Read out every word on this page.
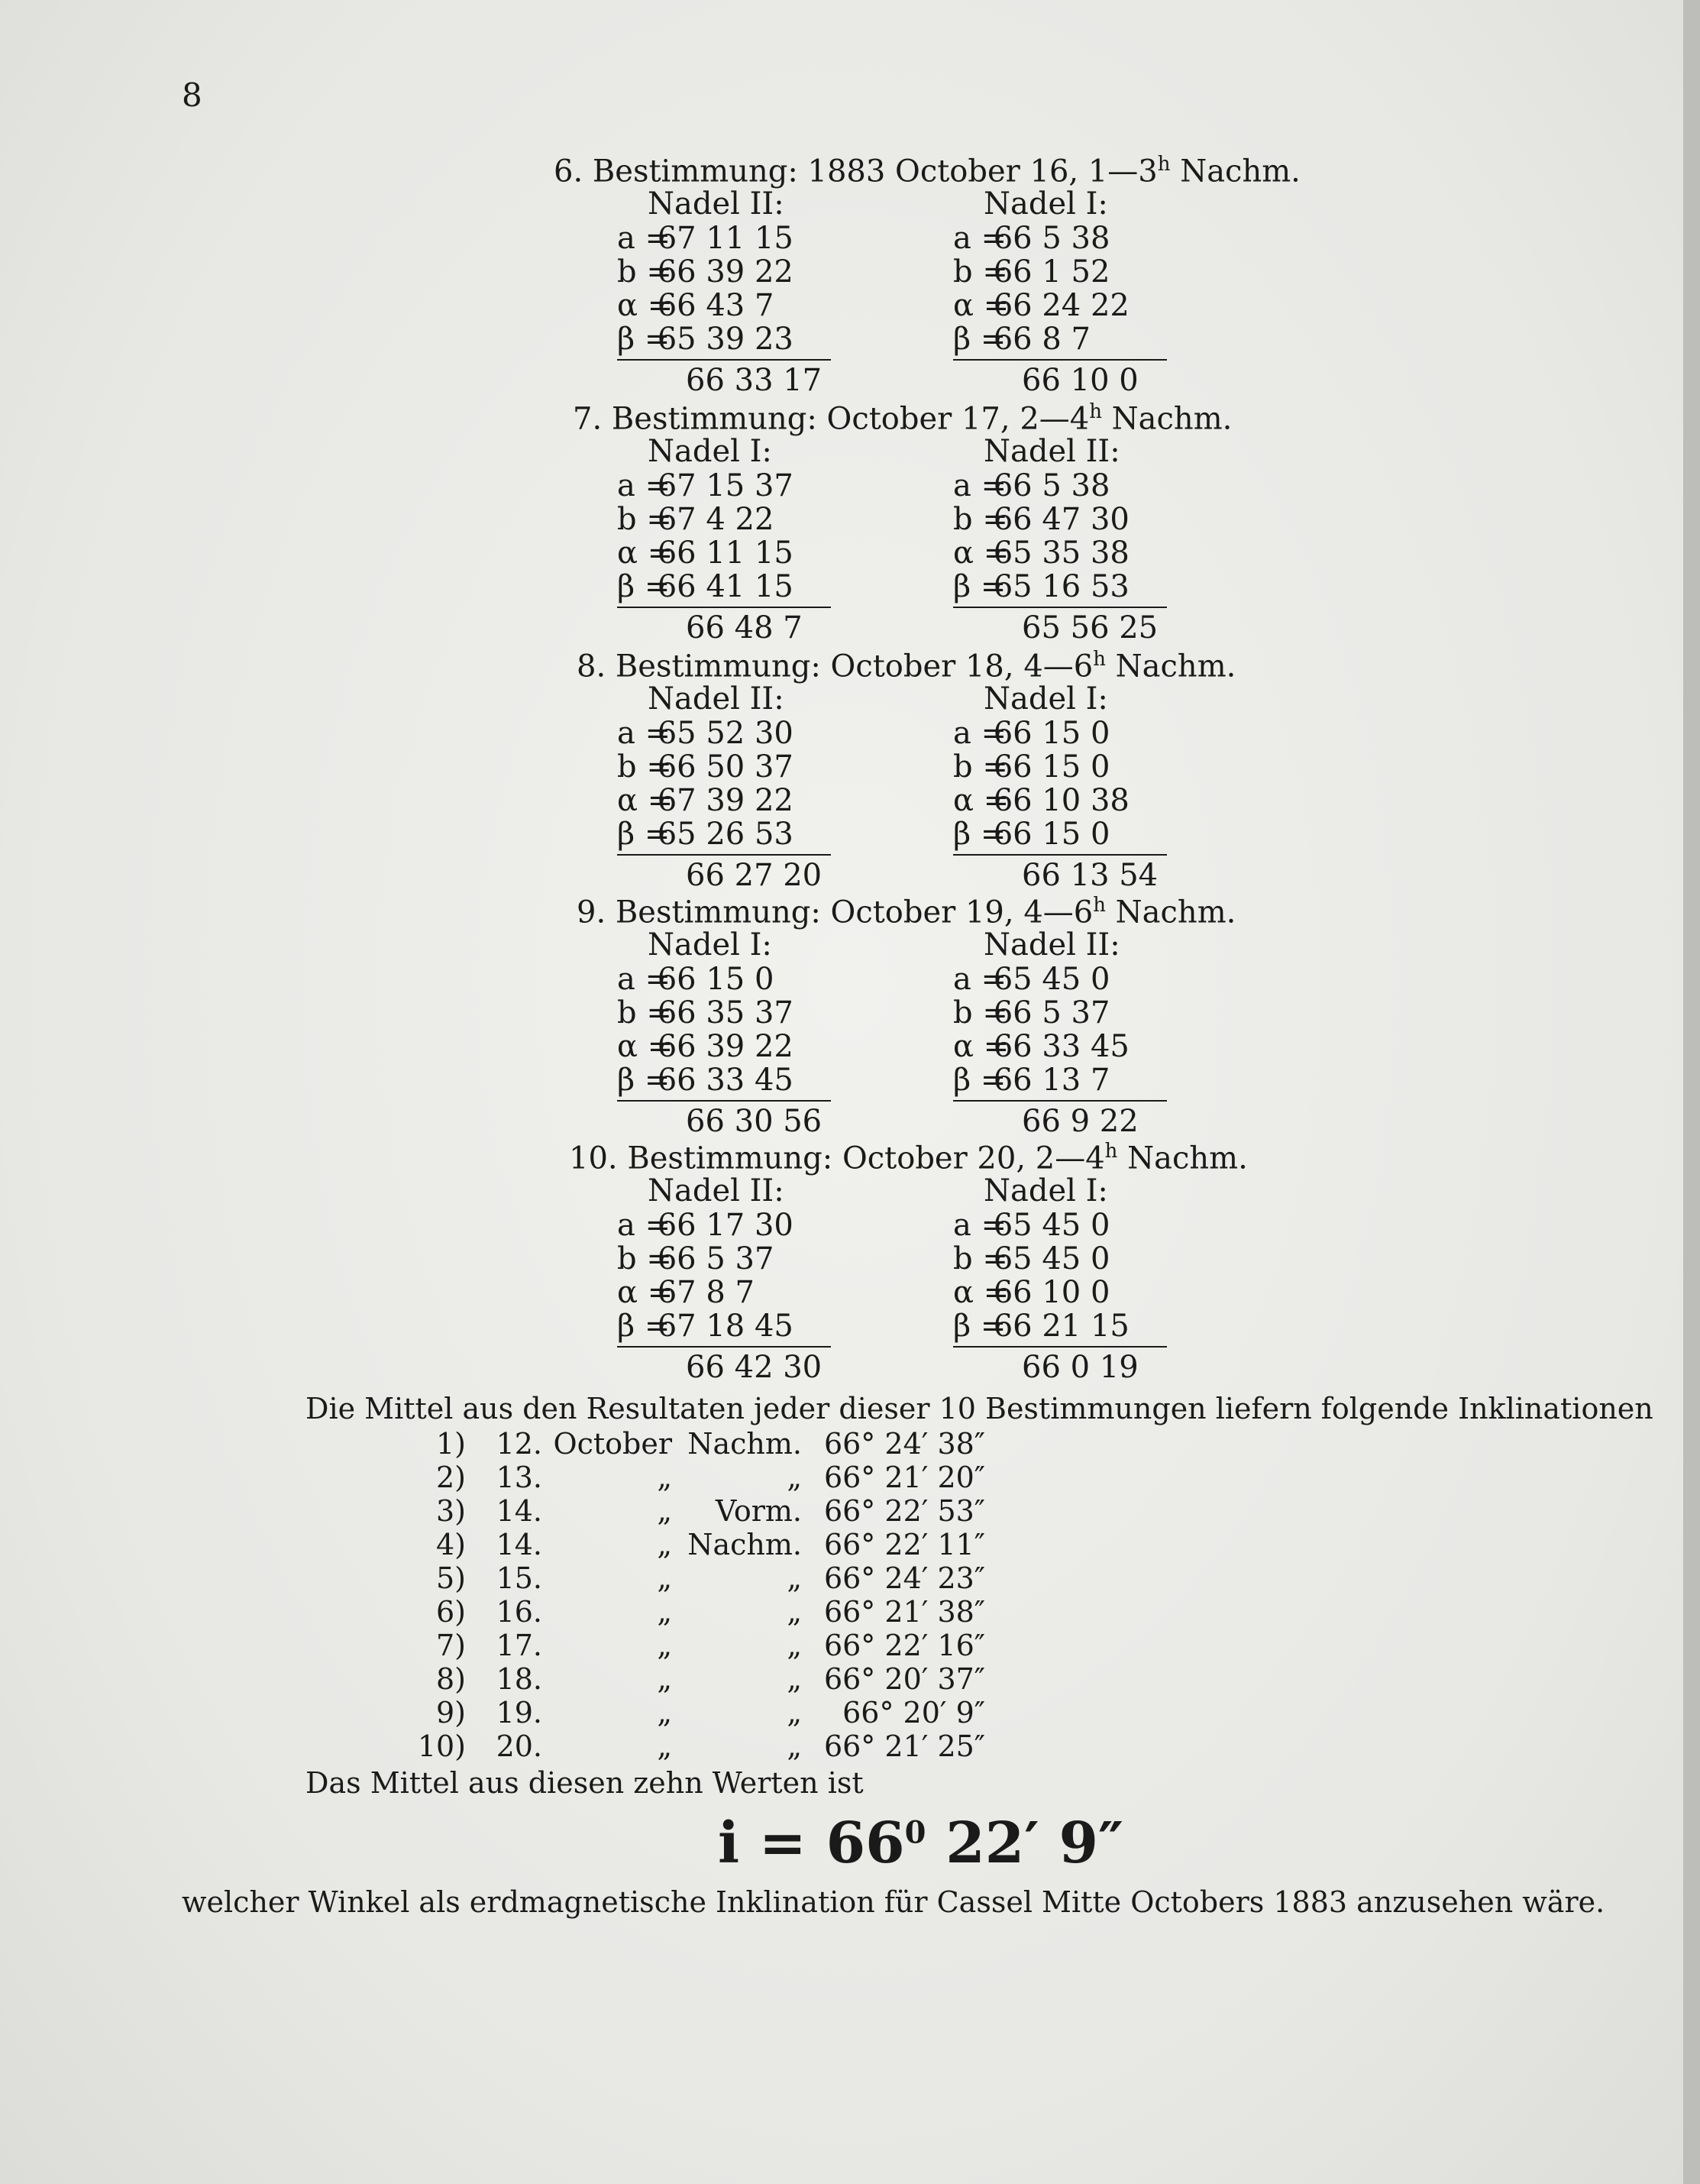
8
6. Bestimmung: 1883 October 16, 1—3$^h$ Nachm.
Nadel II:
a = 67 11 15
b = 66 39 22
α = 66 43 7
β = 65 39 23
66 33 17
Nadel I:
a = 66 5 38
b = 66 1 52
α = 66 24 22
β = 66 8 7
66 10 0
7. Bestimmung: October 17, 2—4$^h$ Nachm.
Nadel I:
a = 67 15 37
b = 67 4 22
α = 66 11 15
β = 66 41 15
66 48 7
Nadel II:
a = 66 5 38
b = 66 47 30
α = 65 35 38
β = 65 16 53
65 56 25
8. Bestimmung: October 18, 4—6$^h$ Nachm.
Nadel II:
a = 65 52 30
b = 66 50 37
α = 67 39 22
β = 65 26 53
66 27 20
Nadel I:
a = 66 15 0
b = 66 15 0
α = 66 10 38
β = 66 15 0
66 13 54
9. Bestimmung: October 19, 4—6$^h$ Nachm.
Nadel I:
a = 66 15 0
b = 66 35 37
α = 66 39 22
β = 66 33 45
66 30 56
Nadel II:
a = 65 45 0
b = 66 5 37
α = 66 33 45
β = 66 13 7
66 9 22
10. Bestimmung: October 20, 2—4$^h$ Nachm.
Nadel II:
a = 66 17 30
b = 66 5 37
α = 67 8 7
β = 67 18 45
66 42 30
Nadel I:
a = 65 45 0
b = 65 45 0
α = 66 10 0
β = 66 21 15
66 0 19
Die Mittel aus den Resultaten jeder dieser 10 Bestimmungen liefern folgende Inklinationen
1) 12. October Nachm. 66° 24′ 38″
2) 13.	„	„ 66° 21′ 20″
3) 14.	„ Vorm. 66° 22′ 53″
4) 14.	„ Nachm. 66° 22′ 11″
5) 15.	„	„ 66° 24′ 23″
6) 16.	„	„ 66° 21′ 38″
7) 17.	„	„ 66° 22′ 16″
8) 18.	„	„ 66° 20′ 37″
9) 19.	„	„ 66° 20′ 9″
10) 20.	„	„ 66° 21′ 25″
Das Mittel aus diesen zehn Werten ist
$i = 66^0$ 22′ 9″
welcher Winkel als erdmagnetische Inklination für Cassel Mitte Octobers 1883 anzusehen wäre.
